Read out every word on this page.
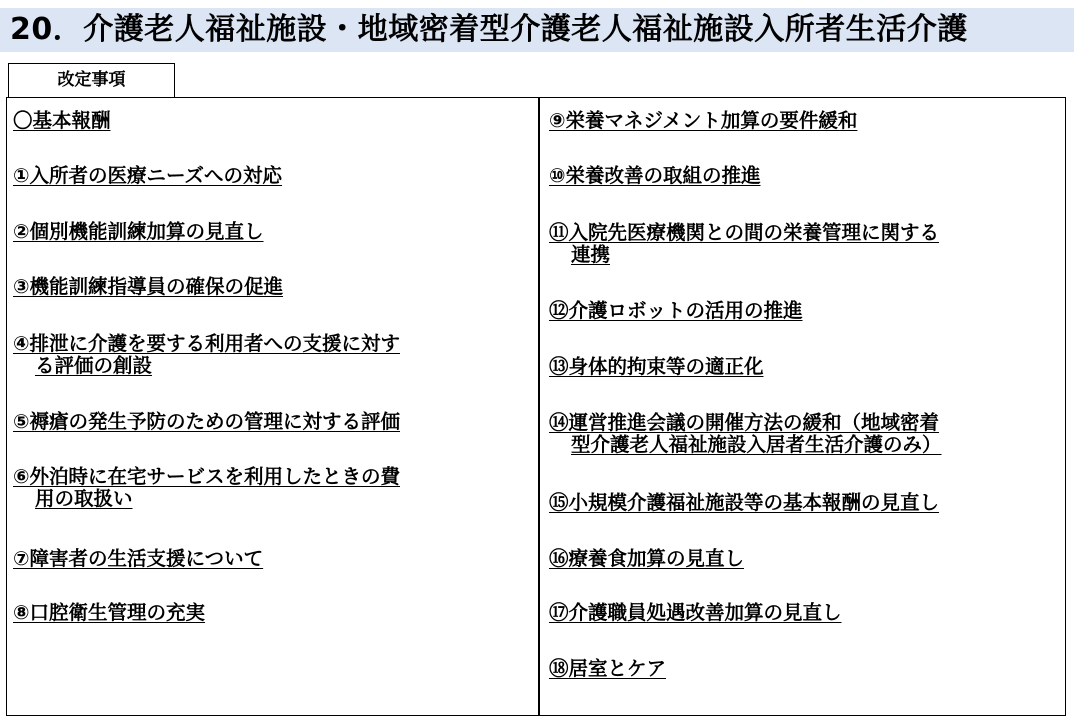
20．介護老人福祉施設・地域密着型介護老人福祉施設入所者生活介護
改定事項
〇基本報酬
①入所者の医療ニーズへの対応
②個別機能訓練加算の見直し
③機能訓練指導員の確保の促進
④排泄に介護を要する利用者への支援に対す
る評価の創設
⑤褥瘡の発生予防のための管理に対する評価
⑥外泊時に在宅サービスを利用したときの費
用の取扱い
⑦障害者の生活支援について
⑧口腔衛生管理の充実
⑨栄養マネジメント加算の要件緩和
⑩栄養改善の取組の推進
⑪入院先医療機関との間の栄養管理に関する
連携
⑫介護ロボットの活用の推進
⑬身体的拘束等の適正化
⑭運営推進会議の開催方法の緩和（地域密着
型介護老人福祉施設入居者生活介護のみ）
⑮小規模介護福祉施設等の基本報酬の見直し
⑯療養食加算の見直し
⑰介護職員処遇改善加算の見直し
⑱居室とケア
